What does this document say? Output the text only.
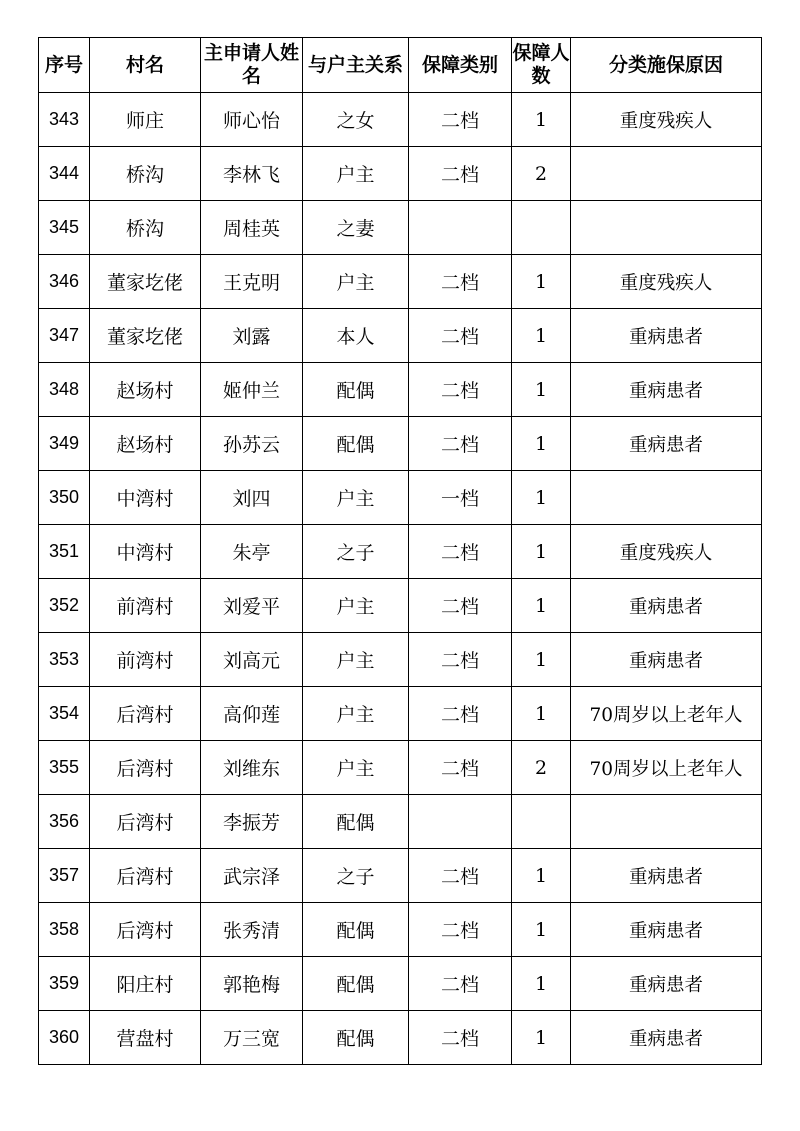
序号	村名	主申请人姓名	与户主关系	保障类别	保障人数	分类施保原因
343	师庄	师心怡	之女	二档	1	重度残疾人
344	桥沟	李林飞	户主	二档	2	
345	桥沟	周桂英	之妻			
346	董家圪佬	王克明	户主	二档	1	重度残疾人
347	董家圪佬	刘露	本人	二档	1	重病患者
348	赵场村	姬仲兰	配偶	二档	1	重病患者
349	赵场村	孙苏云	配偶	二档	1	重病患者
350	中湾村	刘四	户主	一档	1	
351	中湾村	朱亭	之子	二档	1	重度残疾人
352	前湾村	刘爱平	户主	二档	1	重病患者
353	前湾村	刘高元	户主	二档	1	重病患者
354	后湾村	高仰莲	户主	二档	1	70周岁以上老年人
355	后湾村	刘维东	户主	二档	2	70周岁以上老年人
356	后湾村	李振芳	配偶			
357	后湾村	武宗泽	之子	二档	1	重病患者
358	后湾村	张秀清	配偶	二档	1	重病患者
359	阳庄村	郭艳梅	配偶	二档	1	重病患者
360	营盘村	万三宽	配偶	二档	1	重病患者
